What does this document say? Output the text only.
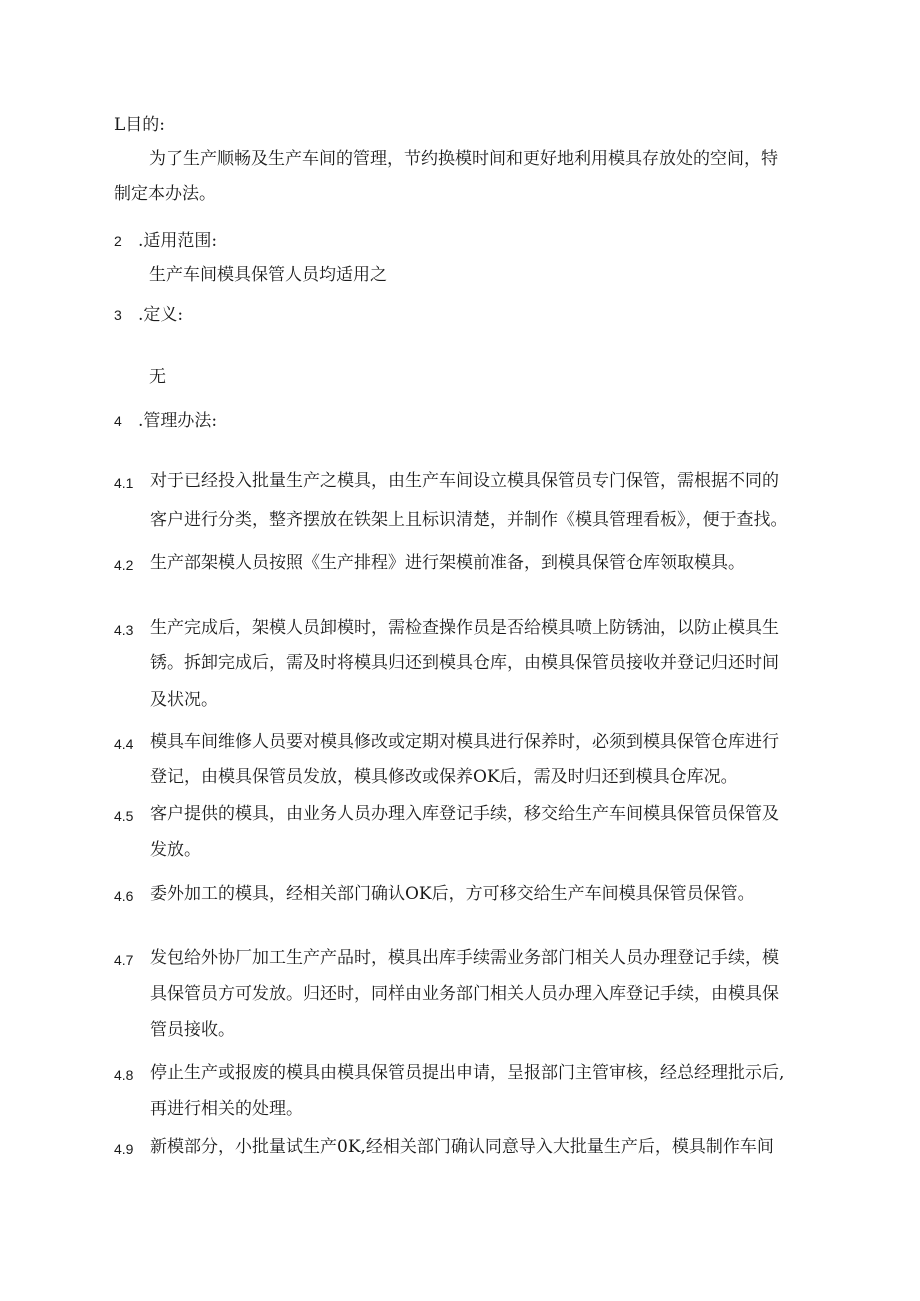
L目的:
为了生产顺畅及生产车间的管理，节约换模时间和更好地利用模具存放处的空间，特
制定本办法。
2 .适用范围:
生产车间模具保管人员均适用之
3 .定义:
无
4 .管理办法:
4.1 对于已经投入批量生产之模具，由生产车间设立模具保管员专门保管，需根据不同的
客户进行分类，整齐摆放在铁架上且标识清楚，并制作《模具管理看板》，便于查找。
4.2 生产部架模人员按照《生产排程》进行架模前准备，到模具保管仓库领取模具。
4.3 生产完成后，架模人员卸模时，需检查操作员是否给模具喷上防锈油，以防止模具生
锈。拆卸完成后，需及时将模具归还到模具仓库，由模具保管员接收并登记归还时间
及状况。
4.4 模具车间维修人员要对模具修改或定期对模具进行保养时，必须到模具保管仓库进行
登记，由模具保管员发放，模具修改或保养OK后，需及时归还到模具仓库况。
4.5 客户提供的模具，由业务人员办理入库登记手续，移交给生产车间模具保管员保管及
发放。
4.6 委外加工的模具，经相关部门确认OK后，方可移交给生产车间模具保管员保管。
4.7 发包给外协厂加工生产产品时，模具出库手续需业务部门相关人员办理登记手续，模
具保管员方可发放。归还时，同样由业务部门相关人员办理入库登记手续，由模具保
管员接收。
4.8 停止生产或报废的模具由模具保管员提出申请，呈报部门主管审核，经总经理批示后,
再进行相关的处理。
4.9 新模部分，小批量试生产0K,经相关部门确认同意导入大批量生产后，模具制作车间
